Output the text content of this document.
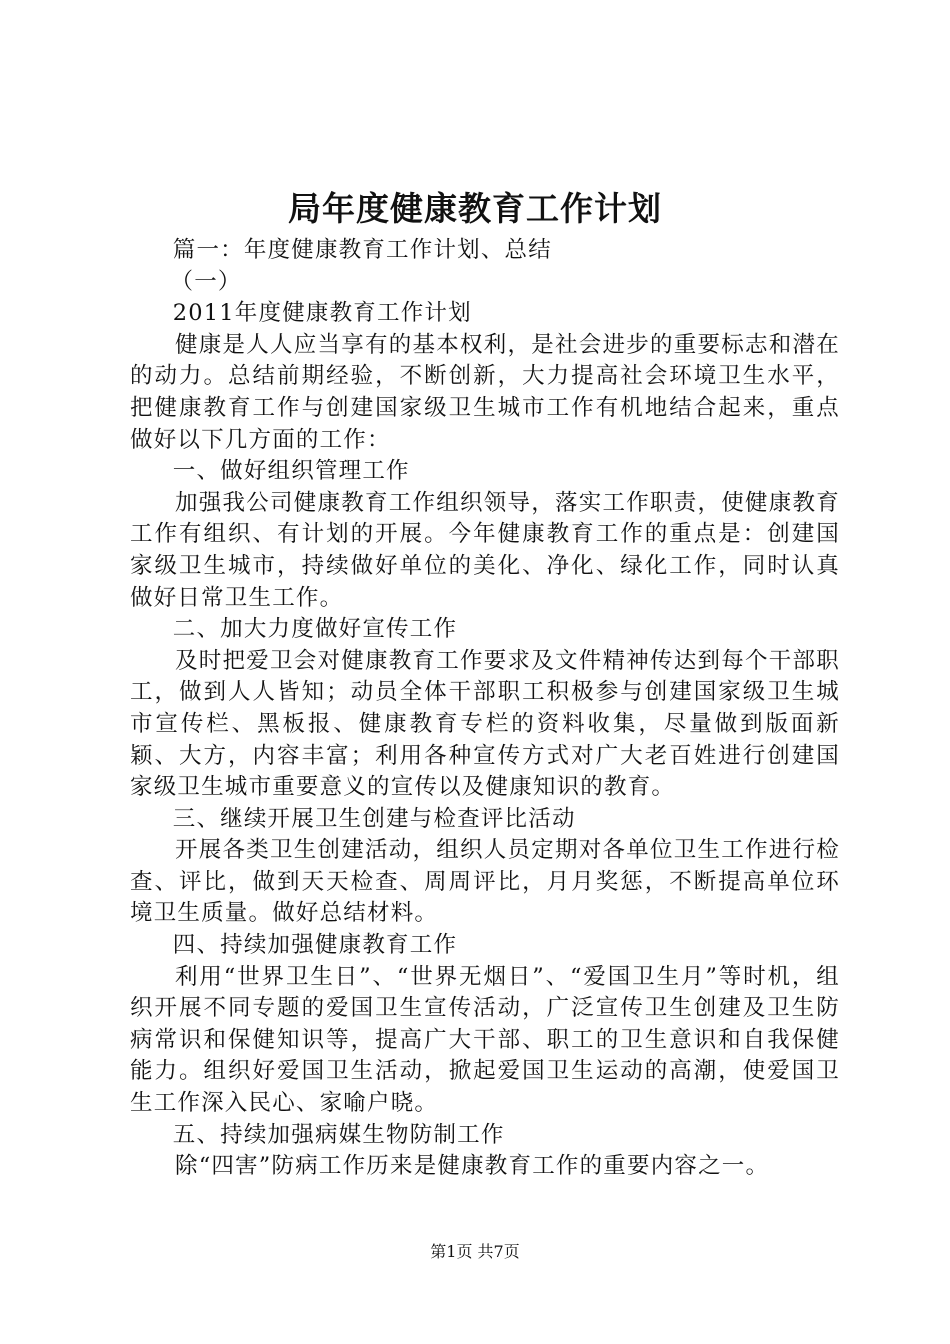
局年度健康教育工作计划

篇一：年度健康教育工作计划、总结

（一）

2011年度健康教育工作计划

健康是人人应当享有的基本权利，是社会进步的重要标志和潜在的动力。总结前期经验，不断创新，大力提高社会环境卫生水平，把健康教育工作与创建国家级卫生城市工作有机地结合起来，重点做好以下几方面的工作：

一、做好组织管理工作

加强我公司健康教育工作组织领导，落实工作职责，使健康教育工作有组织、有计划的开展。今年健康教育工作的重点是：创建国家级卫生城市，持续做好单位的美化、净化、绿化工作，同时认真做好日常卫生工作。

二、加大力度做好宣传工作

及时把爱卫会对健康教育工作要求及文件精神传达到每个干部职工，做到人人皆知；动员全体干部职工积极参与创建国家级卫生城市宣传栏、黑板报、健康教育专栏的资料收集，尽量做到版面新颖、大方，内容丰富；利用各种宣传方式对广大老百姓进行创建国家级卫生城市重要意义的宣传以及健康知识的教育。

三、继续开展卫生创建与检查评比活动

开展各类卫生创建活动，组织人员定期对各单位卫生工作进行检查、评比，做到天天检查、周周评比，月月奖惩，不断提高单位环境卫生质量。做好总结材料。

四、持续加强健康教育工作

利用“世界卫生日”、“世界无烟日”、“爱国卫生月”等时机，组织开展不同专题的爱国卫生宣传活动，广泛宣传卫生创建及卫生防病常识和保健知识等，提高广大干部、职工的卫生意识和自我保健能力。组织好爱国卫生活动，掀起爱国卫生运动的高潮，使爱国卫生工作深入民心、家喻户晓。

五、持续加强病媒生物防制工作

除“四害”防病工作历来是健康教育工作的重要内容之一。

第1页 共7页
